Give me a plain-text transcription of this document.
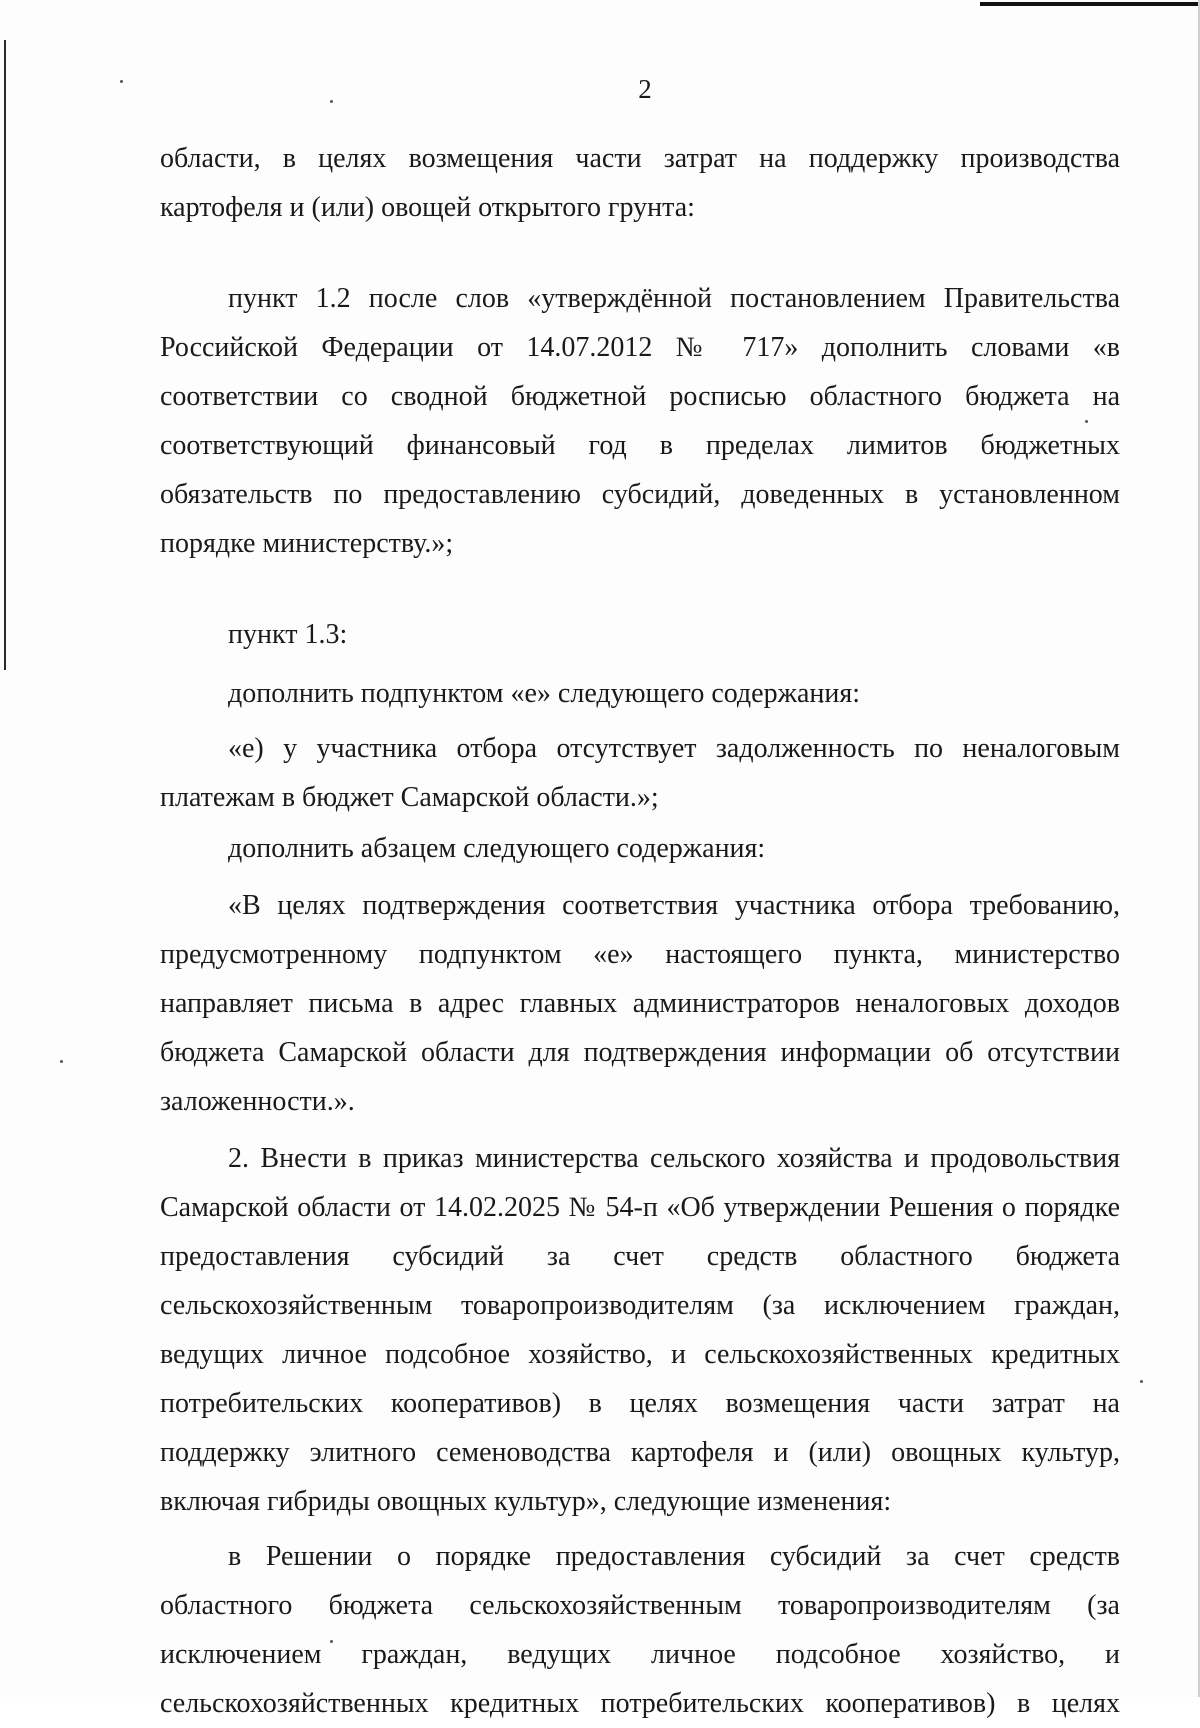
2
области, в целях возмещения части затрат на поддержку производства
картофеля и (или) овощей открытого грунта:
пункт 1.2 после слов «утверждённой постановлением Правительства
Российской Федерации от 14.07.2012 № 717» дополнить словами «в
соответствии со сводной бюджетной росписью областного бюджета на
соответствующий финансовый год в пределах лимитов бюджетных
обязательств по предоставлению субсидий, доведенных в установленном
порядке министерству.»;
пункт 1.3:
дополнить подпунктом «е» следующего содержания:
«е) у участника отбора отсутствует задолженность по неналоговым
платежам в бюджет Самарской области.»;
дополнить абзацем следующего содержания:
«В целях подтверждения соответствия участника отбора требованию,
предусмотренному подпунктом «е» настоящего пункта, министерство
направляет письма в адрес главных администраторов неналоговых доходов
бюджета Самарской области для подтверждения информации об отсутствии
заложенности.».
2. Внести в приказ министерства сельского хозяйства и продовольствия
Самарской области от 14.02.2025 № 54-п «Об утверждении Решения о порядке
предоставления субсидий за счет средств областного бюджета
сельскохозяйственным товаропроизводителям (за исключением граждан,
ведущих личное подсобное хозяйство, и сельскохозяйственных кредитных
потребительских кооперативов) в целях возмещения части затрат на
поддержку элитного семеноводства картофеля и (или) овощных культур,
включая гибриды овощных культур», следующие изменения:
в Решении о порядке предоставления субсидий за счет средств
областного бюджета сельскохозяйственным товаропроизводителям (за
исключением граждан, ведущих личное подсобное хозяйство, и
сельскохозяйственных кредитных потребительских кооперативов) в целях
